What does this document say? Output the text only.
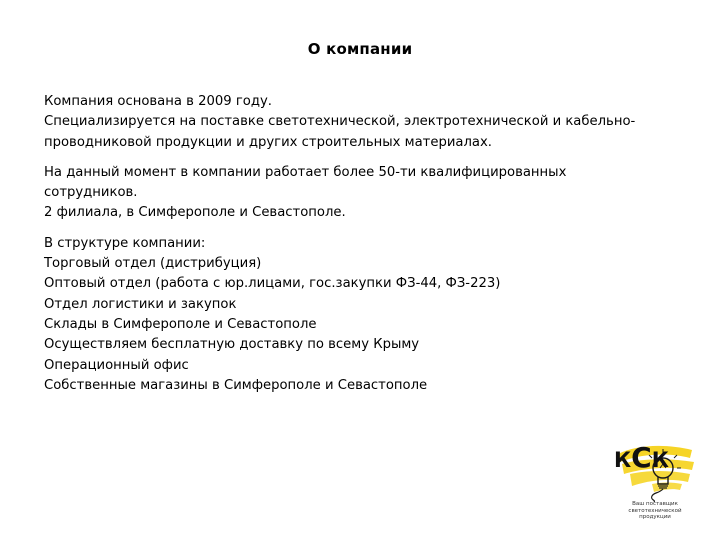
О компании
Компания основана в 2009 году.
Специализируется на поставке светотехнической, электротехнической и кабельно-
проводниковой продукции и других строительных материалах.
На данный момент в компании работает более 50-ти квалифицированных
сотрудников.
2 филиала, в Симферополе и Севастополе.
В структуре компании:
Торговый отдел (дистрибуция)
Оптовый отдел (работа с юр.лицами, гос.закупки ФЗ-44, ФЗ-223)
Отдел логистики и закупок
Склады в Симферополе и Севастополе
Осуществляем бесплатную доставку по всему Крыму
Операционный офис
Собственные магазины в Симферополе и Севастополе
КСК
Ваш поставщик светотехнической продукции
